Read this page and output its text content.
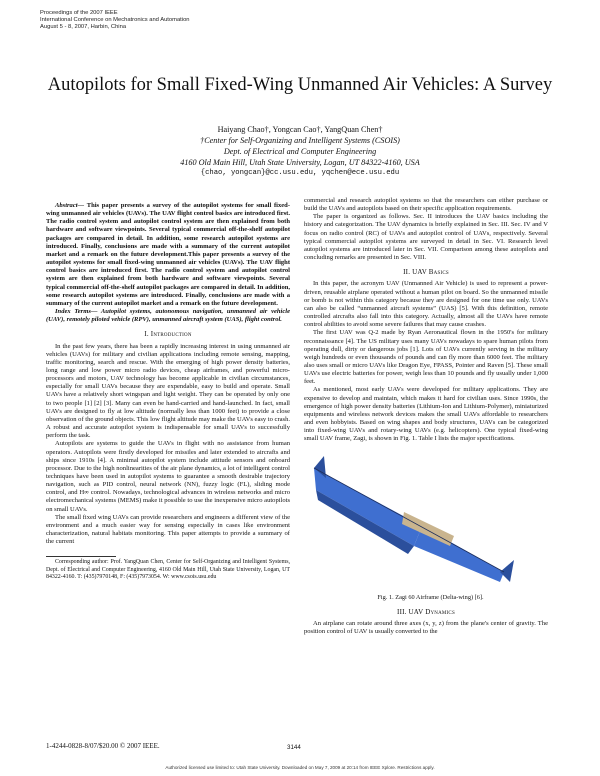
Proceedings of the 2007 IEEE
International Conference on Mechatronics and Automation
August 5 - 8, 2007, Harbin, China
Autopilots for Small Fixed-Wing Unmanned Air Vehicles: A Survey
Haiyang Chao†, Yongcan Cao†, YangQuan Chen†
†Center for Self-Organizing and Intelligent Systems (CSOIS)
Dept. of Electrical and Computer Engineering
4160 Old Main Hill, Utah State University, Logan, UT 84322-4160, USA
{chao, yongcan}@cc.usu.edu, yqchen@ece.usu.edu

Abstract— This paper presents a survey of the autopilot systems for small fixed-wing unmanned air vehicles (UAVs). The UAV flight control basics are introduced first. The radio control system and autopilot control system are then explained from both hardware and software viewpoints. Several typical commercial off-the-shelf autopilot packages are compared in detail. In addition, some research autopilot systems are introduced. Finally, conclusions are made with a summary of the current autopilot market and a remark on the future development.This paper presents a survey of the autopilot systems for small fixed-wing unmanned air vehicles (UAVs). The UAV flight control basics are introduced first. The radio control system and autopilot control system are then explained from both hardware and software viewpoints. Several typical commercial off-the-shelf autopilot packages are compared in detail. In addition, some research autopilot systems are introduced. Finally, conclusions are made with a summary of the current autopilot market and a remark on the future development.

Index Terms— Autopilot systems, autonomous navigation, unmanned air vehicle (UAV), remotely piloted vehicle (RPV), unmanned aircraft system (UAS), flight control.

I. Introduction

In the past few years, there has been a rapidly increasing interest in using unmanned air vehicles (UAVs) for military and civilian applications including remote sensing, mapping, traffic monitoring, search and rescue. With the emerging of high power density batteries, long range and low power micro radio devices, cheap airframes, and powerful micro-processors and motors, UAV technology has become applicable in civilian circumstances, especially for small UAVs because they are expendable, easy to build and operate. Small UAVs have a relatively short wingspan and light weight. They can be operated by only one to two people [1] [2] [3]. Many can even be hand-carried and hand-launched. In fact, small UAVs are designed to fly at low altitude (normally less than 1000 feet) to provide a close observation of the ground objects. This low flight altitude may make the UAVs easy to crash. A robust and accurate autopilot system is indispensable for small UAVs to successfully perform the task.

Autopilots are systems to guide the UAVs in flight with no assistance from human operators. Autopilots were firstly developed for missiles and later extended to aircrafts and ships since 1910s [4]. A minimal autopilot system include attitude sensors and onboard processor. Due to the high nonlinearities of the air plane dynamics, a lot of intelligent control techniques have been used in autopilot systems to guarantee a smooth desirable trajectory navigation, such as PID control, neural network (NN), fuzzy logic (FL), sliding mode control, and H∞ control. Nowadays, technological advances in wireless networks and micro electromechanical systems (MEMS) make it possible to use the inexpensive micro autopilots on small UAVs.

The small fixed wing UAVs can provide researchers and engineers a different view of the environment and a much easier way for sensing especially in cases like environment characterization, natural habitats monitoring. This paper attempts to provide a summary of the current

Corresponding author: Prof. YangQuan Chen, Center for Self-Organizing and Intelligent Systems, Dept. of Electrical and Computer Engineering, 4160 Old Main Hill, Utah State University, Logan, UT 84322-4160. T: (435)7970148, F: (435)7973054. W: www.csois.usu.edu

commercial and research autopilot systems so that the researchers can either purchase or build the UAVs and autopilots based on their specific application requirements.

The paper is organized as follows. Sec. II introduces the UAV basics including the history and categorization. The UAV dynamics is briefly explained in Sec. III. Sec. IV and V focus on radio control (RC) of UAVs and autopilot control of UAVs, respectively. Several typical commercial autopilot systems are surveyed in detail in Sec. VI. Research level autopilot systems are introduced later in Sec. VII. Comparison among these autopilots and concluding remarks are presented in Sec. VIII.

II. UAV Basics

In this paper, the acronym UAV (Unmanned Air Vehicle) is used to represent a power-driven, reusable airplane operated without a human pilot on board. So the unmanned missile or bomb is not within this category because they are designed for one time use only. UAVs can also be called “unmanned aircraft systems” (UAS) [5]. With this definition, remote controlled aircrafts also fall into this category. Actually, almost all the UAVs have remote control abilities to avoid some severe failures that may cause crashes.

The first UAV was Q-2 made by Ryan Aeronautical flown in the 1950's for military reconnaissance [4]. The US military uses many UAVs nowadays to spare human pilots from operating dull, dirty or dangerous jobs [1]. Lots of UAVs currently serving in the military weigh hundreds or even thousands of pounds and can fly more than 6000 feet. The military also uses small or micro UAVs like Dragon Eye, FPASS, Pointer and Raven [5]. These small UAVs use electric batteries for power, weigh less than 10 pounds and fly usually under 1,000 feet.

As mentioned, most early UAVs were developed for military applications. They are expensive to develop and maintain, which makes it hard for civilian uses. Since 1990s, the emergence of high power density batteries (Lithium-Ion and Lithium-Polymer), miniaturized equipments and wireless network devices makes the small UAVs affordable to researchers and even hobbyists. Based on wing shapes and body structures, UAVs can be categorized into fixed-wing UAVs and rotary-wing UAVs (e.g. helicopters). One typical fixed-wing small UAV frame, Zagi, is shown in Fig. 1. Table I lists the major specifications.

Fig. 1. Zagi 60 Airframe (Delta-wing) [6].

III. UAV Dynamics

An airplane can rotate around three axes (x, y, z) from the plane's center of gravity. The position control of UAV is usually converted to the

1-4244-0828-8/07/$20.00 © 2007 IEEE.	3144
Authorized licensed use limited to: Utah State University. Downloaded on May 7, 2009 at 20:14 from IEEE Xplore. Restrictions apply.
